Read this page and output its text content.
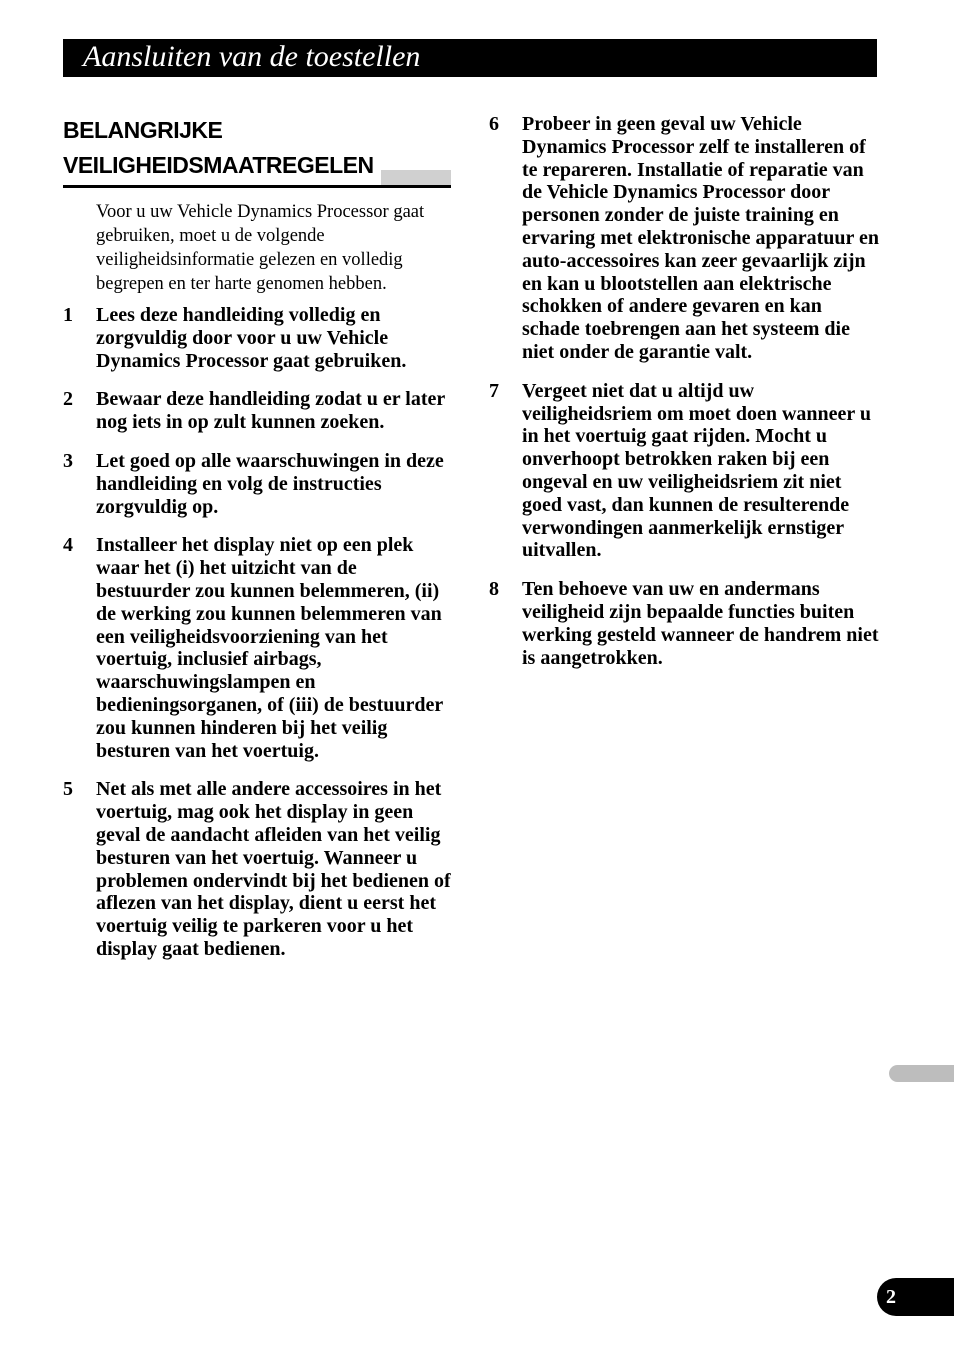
Aansluiten van de toestellen
BELANGRIJKE
VEILIGHEIDSMAATREGELEN

Voor u uw Vehicle Dynamics Processor gaat gebruiken, moet u de volgende veiligheidsinformatie gelezen en volledig begrepen en ter harte genomen hebben.

1 Lees deze handleiding volledig en zorgvuldig door voor u uw Vehicle Dynamics Processor gaat gebruiken.
2 Bewaar deze handleiding zodat u er later nog iets in op zult kunnen zoeken.
3 Let goed op alle waarschuwingen in deze handleiding en volg de instructies zorgvuldig op.
4 Installeer het display niet op een plek waar het (i) het uitzicht van de bestuurder zou kunnen belemmeren, (ii) de werking zou kunnen belemmeren van een veiligheidsvoorziening van het voertuig, inclusief airbags, waarschuwingslampen en bedieningsorganen, of (iii) de bestuurder zou kunnen hinderen bij het veilig besturen van het voertuig.
5 Net als met alle andere accessoires in het voertuig, mag ook het display in geen geval de aandacht afleiden van het veilig besturen van het voertuig. Wanneer u problemen ondervindt bij het bedienen of aflezen van het display, dient u eerst het voertuig veilig te parkeren voor u het display gaat bedienen.
6 Probeer in geen geval uw Vehicle Dynamics Processor zelf te installeren of te repareren. Installatie of reparatie van de Vehicle Dynamics Processor door personen zonder de juiste training en ervaring met elektronische apparatuur en auto-accessoires kan zeer gevaarlijk zijn en kan u blootstellen aan elektrische schokken of andere gevaren en kan schade toebrengen aan het systeem die niet onder de garantie valt.
7 Vergeet niet dat u altijd uw veiligheidsriem om moet doen wanneer u in het voertuig gaat rijden. Mocht u onverhoopt betrokken raken bij een ongeval en uw veiligheidsriem zit niet goed vast, dan kunnen de resulterende verwondingen aanmerkelijk ernstiger uitvallen.
8 Ten behoeve van uw en andermans veiligheid zijn bepaalde functies buiten werking gesteld wanneer de handrem niet is aangetrokken.
2
